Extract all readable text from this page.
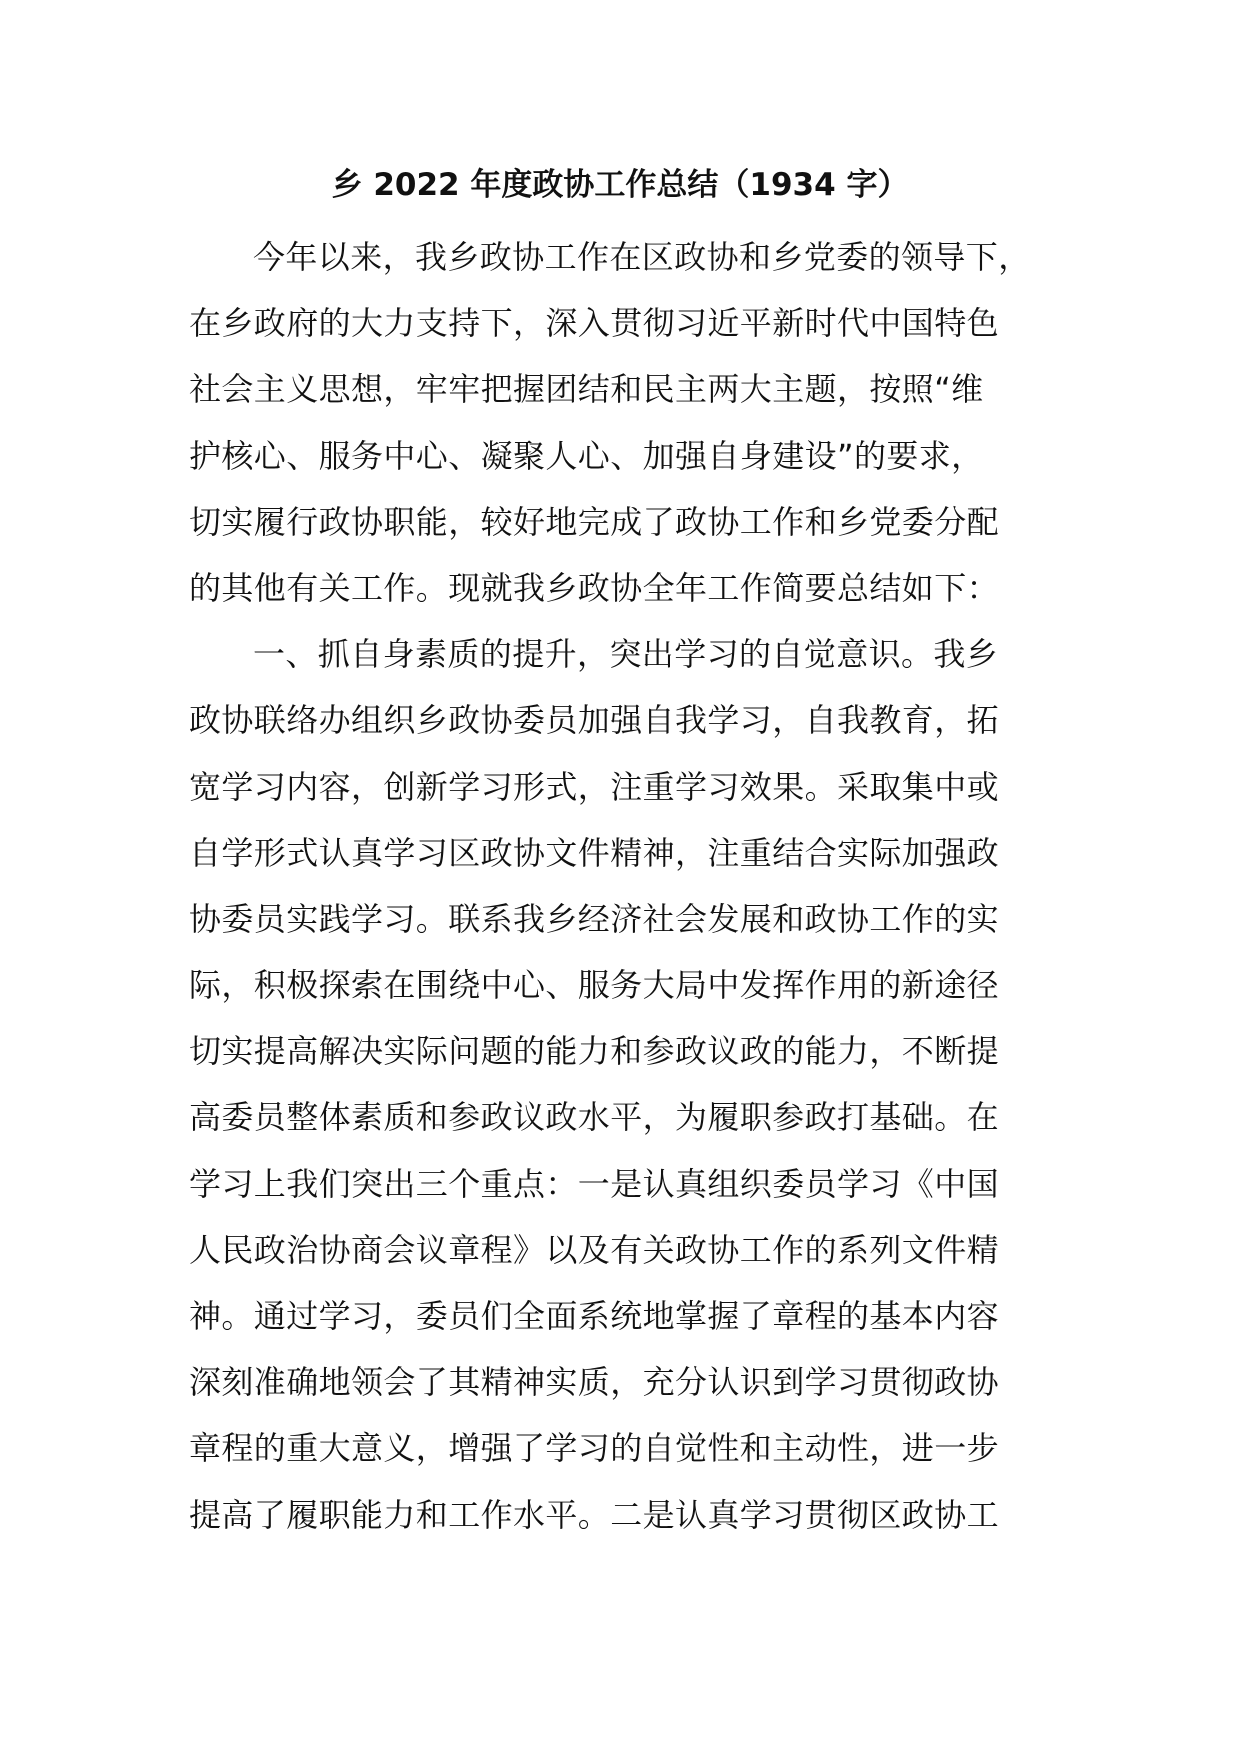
乡 2022 年度政协工作总结（1934 字）
今年以来，我乡政协工作在区政协和乡党委的领导下，
在乡政府的大力支持下，深入贯彻习近平新时代中国特色
社会主义思想，牢牢把握团结和民主两大主题，按照“维
护核心、服务中心、凝聚人心、加强自身建设”的要求，
切实履行政协职能，较好地完成了政协工作和乡党委分配
的其他有关工作。现就我乡政协全年工作简要总结如下：
一、抓自身素质的提升，突出学习的自觉意识。我乡
政协联络办组织乡政协委员加强自我学习，自我教育，拓
宽学习内容，创新学习形式，注重学习效果。采取集中或
自学形式认真学习区政协文件精神，注重结合实际加强政
协委员实践学习。联系我乡经济社会发展和政协工作的实
际，积极探索在围绕中心、服务大局中发挥作用的新途径
切实提高解决实际问题的能力和参政议政的能力，不断提
高委员整体素质和参政议政水平，为履职参政打基础。在
学习上我们突出三个重点：一是认真组织委员学习《中国
人民政治协商会议章程》以及有关政协工作的系列文件精
神。通过学习，委员们全面系统地掌握了章程的基本内容
深刻准确地领会了其精神实质，充分认识到学习贯彻政协
章程的重大意义，增强了学习的自觉性和主动性，进一步
提高了履职能力和工作水平。二是认真学习贯彻区政协工
